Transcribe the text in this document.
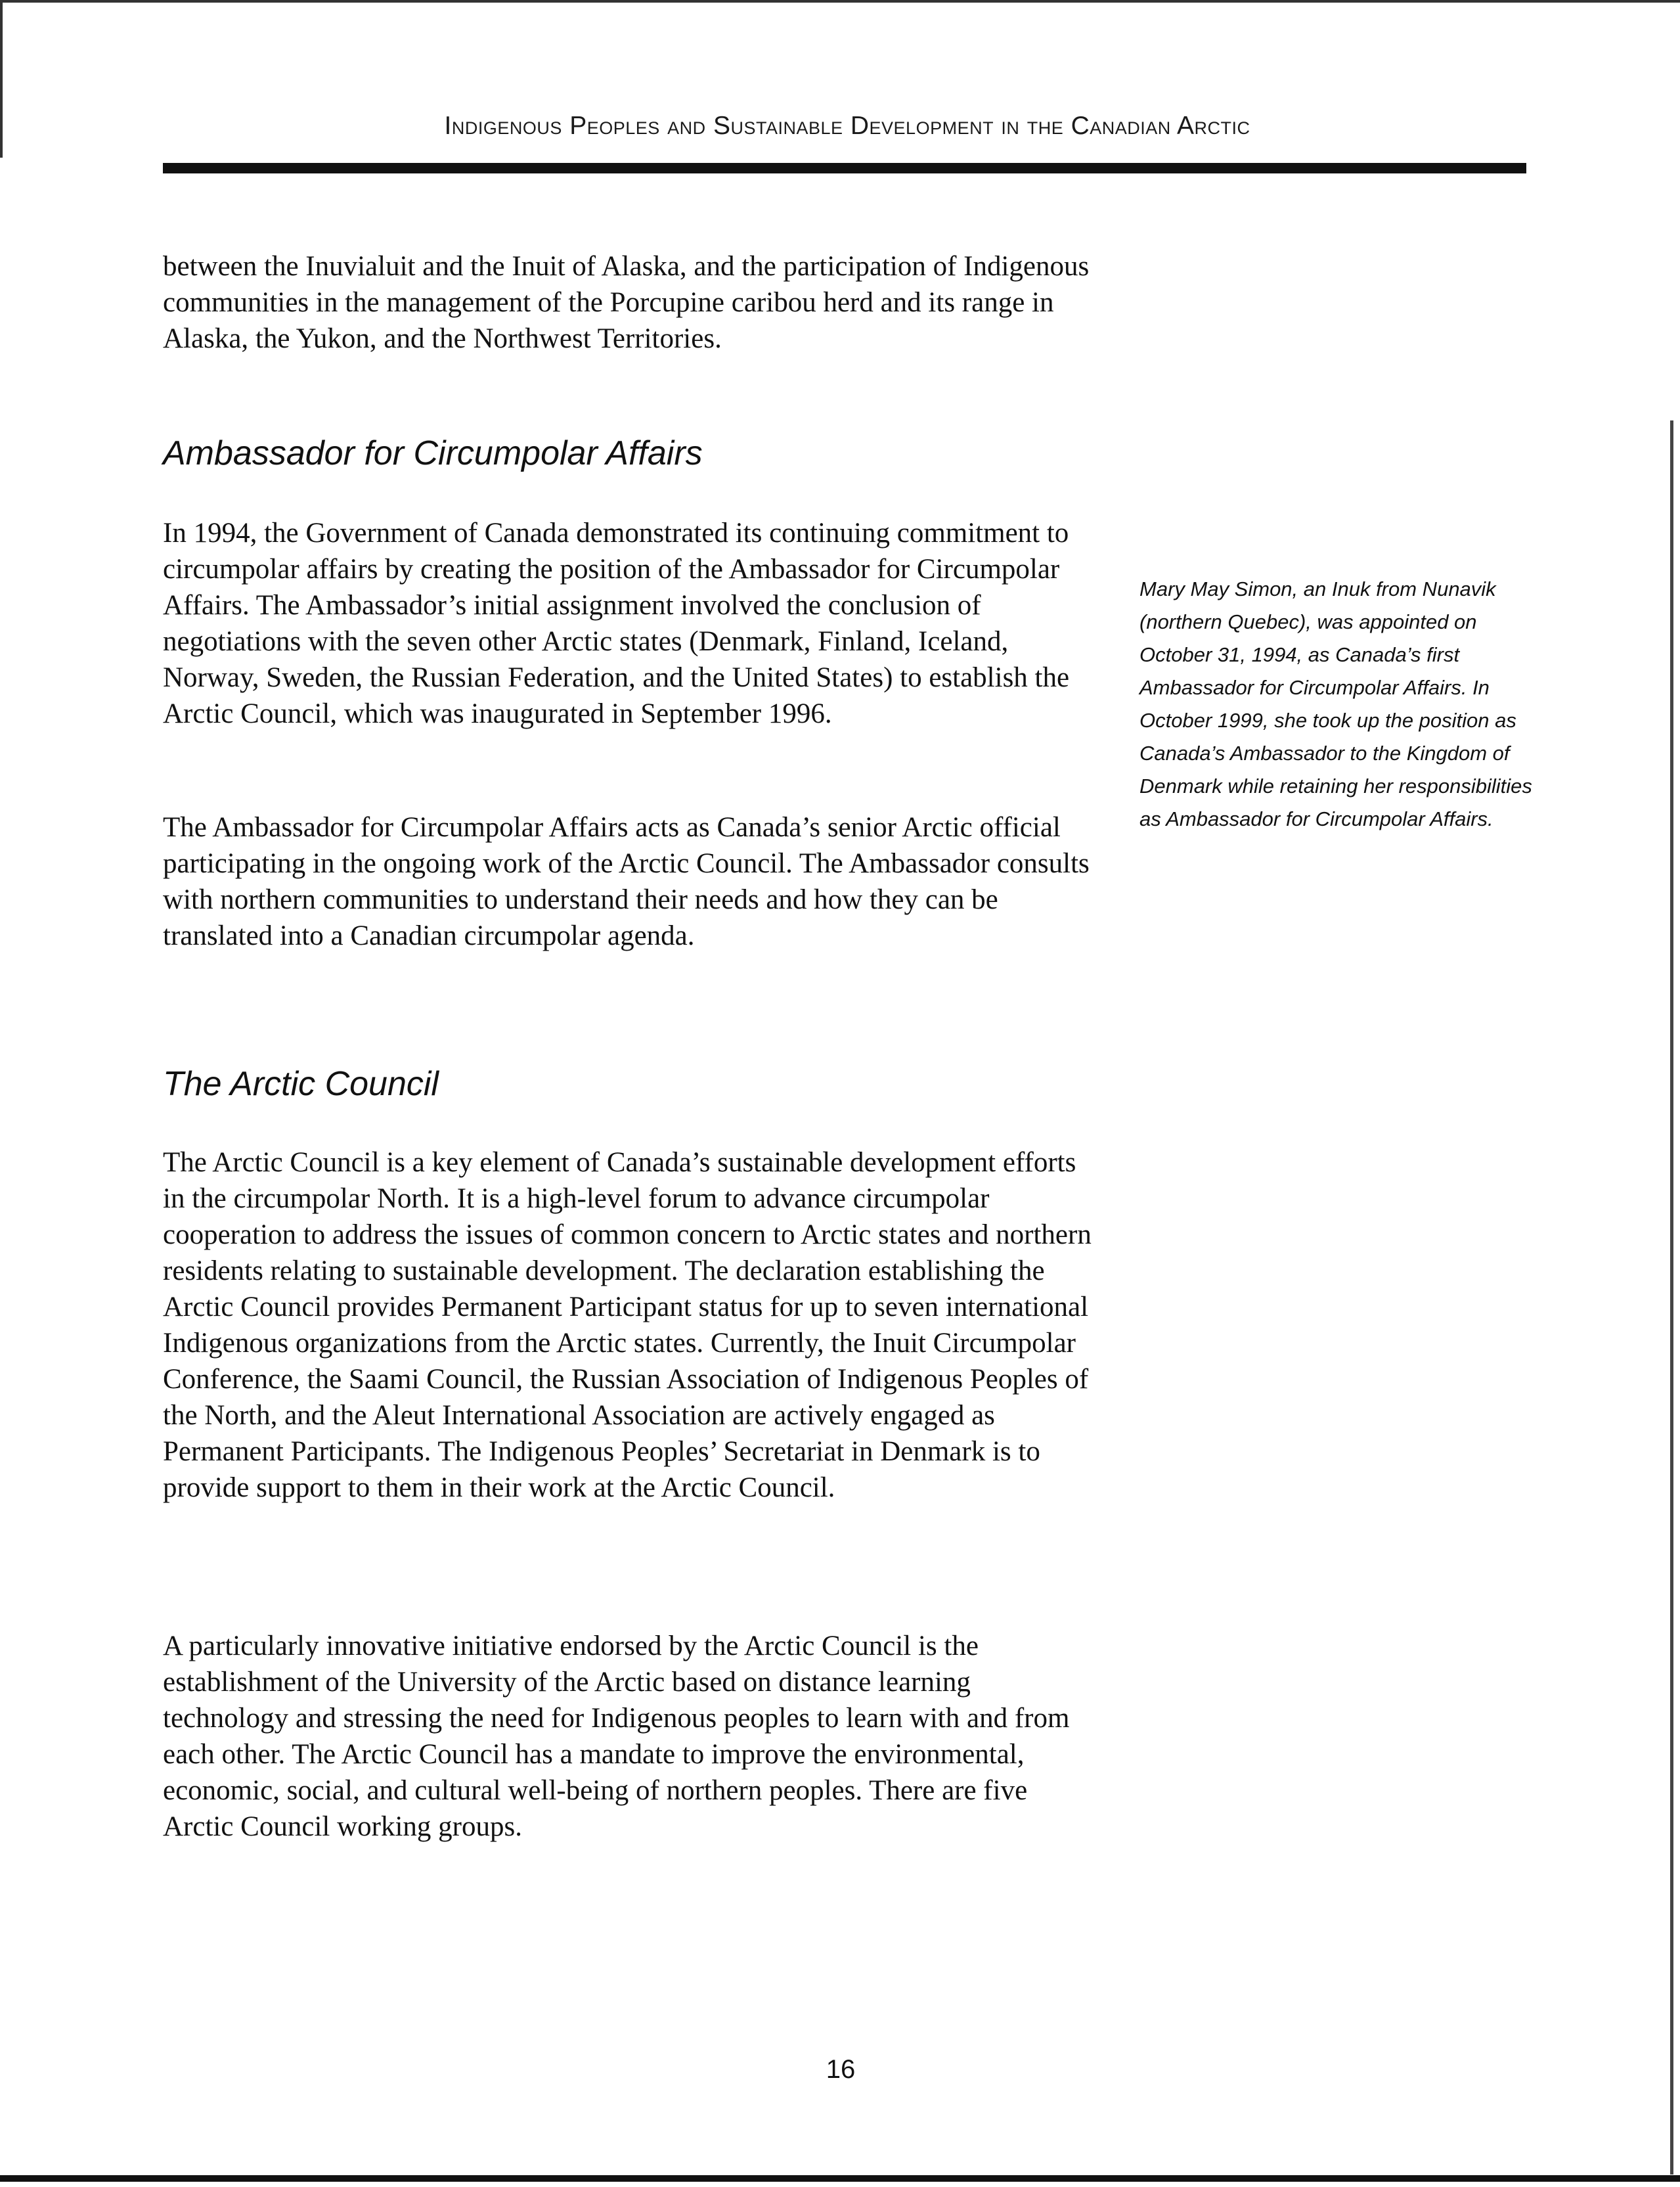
Indigenous Peoples and Sustainable Development in the Canadian Arctic

between the Inuvialuit and the Inuit of Alaska, and the participation of Indigenous communities in the management of the Porcupine caribou herd and its range in Alaska, the Yukon, and the Northwest Territories.

Ambassador for Circumpolar Affairs

In 1994, the Government of Canada demonstrated its continuing commitment to circumpolar affairs by creating the position of the Ambassador for Circumpolar Affairs. The Ambassador’s initial assignment involved the conclusion of negotiations with the seven other Arctic states (Denmark, Finland, Iceland, Norway, Sweden, the Russian Federation, and the United States) to establish the Arctic Council, which was inaugurated in September 1996.

The Ambassador for Circumpolar Affairs acts as Canada’s senior Arctic official participating in the ongoing work of the Arctic Council. The Ambassador consults with northern communities to understand their needs and how they can be translated into a Canadian circumpolar agenda.

Mary May Simon, an Inuk from Nunavik (northern Quebec), was appointed on October 31, 1994, as Canada’s first Ambassador for Circumpolar Affairs. In October 1999, she took up the position as Canada’s Ambassador to the Kingdom of Denmark while retaining her responsibilities as Ambassador for Circumpolar Affairs.
The Arctic Council

The Arctic Council is a key element of Canada’s sustainable development efforts in the circumpolar North. It is a high-level forum to advance circumpolar cooperation to address the issues of common concern to Arctic states and northern residents relating to sustainable development. The declaration establishing the Arctic Council provides Permanent Participant status for up to seven international Indigenous organizations from the Arctic states. Currently, the Inuit Circumpolar Conference, the Saami Council, the Russian Association of Indigenous Peoples of the North, and the Aleut International Association are actively engaged as Permanent Participants. The Indigenous Peoples’ Secretariat in Denmark is to provide support to them in their work at the Arctic Council.

A particularly innovative initiative endorsed by the Arctic Council is the establishment of the University of the Arctic based on distance learning technology and stressing the need for Indigenous peoples to learn with and from each other. The Arctic Council has a mandate to improve the environmental, economic, social, and cultural well-being of northern peoples. There are five Arctic Council working groups.

16
